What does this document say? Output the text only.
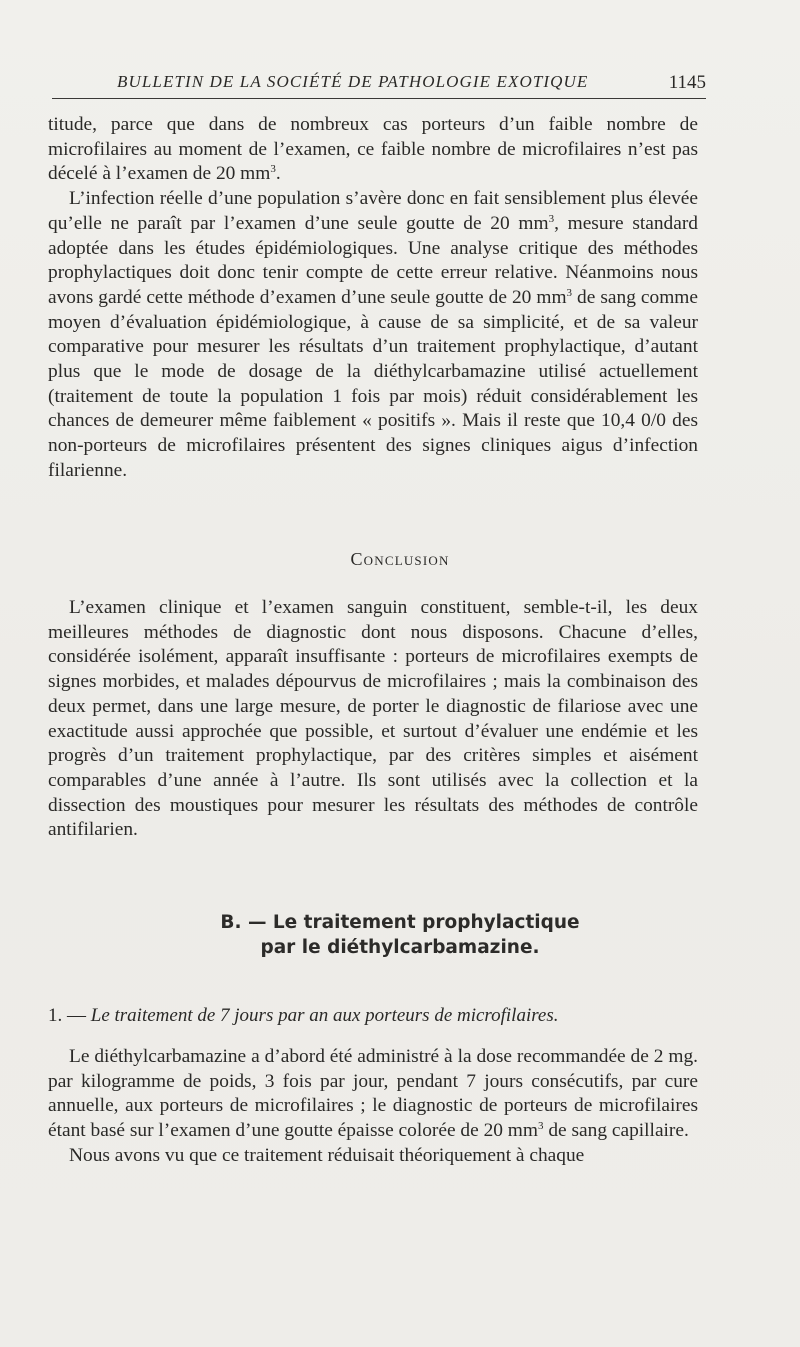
BULLETIN DE LA SOCIÉTÉ DE PATHOLOGIE EXOTIQUE	1145

titude, parce que dans de nombreux cas porteurs d’un faible nombre de microfilaires au moment de l’examen, ce faible nombre de microfilaires n’est pas décelé à l’examen de 20 $mm^3$.

L’infection réelle d’une population s’avère donc en fait sensiblement plus élevée qu’elle ne paraît par l’examen d’une seule goutte de 20 $mm^3$, mesure standard adoptée dans les études épidémiologiques. Une analyse critique des méthodes prophylactiques doit donc tenir compte de cette erreur relative. Néanmoins nous avons gardé cette méthode d’examen d’une seule goutte de 20 $mm^3$ de sang comme moyen d’évaluation épidémiologique, à cause de sa simplicité, et de sa valeur comparative pour mesurer les résultats d’un traitement prophylactique, d’autant plus que le mode de dosage de la diéthylcarbamazine utilisé actuellement (traitement de toute la population 1 fois par mois) réduit considérablement les chances de demeurer même faiblement « positifs ». Mais il reste que 10,4 0/0 des non-porteurs de microfilaires présentent des signes cliniques aigus d’infection filarienne.

Conclusion

L’examen clinique et l’examen sanguin constituent, semble-t-il, les deux meilleures méthodes de diagnostic dont nous disposons. Chacune d’elles, considérée isolément, apparaît insuffisante : porteurs de microfilaires exempts de signes morbides, et malades dépourvus de microfilaires ; mais la combinaison des deux permet, dans une large mesure, de porter le diagnostic de filariose avec une exactitude aussi approchée que possible, et surtout d’évaluer une endémie et les progrès d’un traitement prophylactique, par des critères simples et aisément comparables d’une année à l’autre. Ils sont utilisés avec la collection et la dissection des moustiques pour mesurer les résultats des méthodes de contrôle antifilarien.

B. — Le traitement prophylactique
par le diéthylcarbamazine.
1. — Le traitement de 7 jours par an aux porteurs de microfilaires.

Le diéthylcarbamazine a d’abord été administré à la dose recommandée de 2 mg. par kilogramme de poids, 3 fois par jour, pendant 7 jours consécutifs, par cure annuelle, aux porteurs de microfilaires ; le diagnostic de porteurs de microfilaires étant basé sur l’examen d’une goutte épaisse colorée de 20 $mm^3$ de sang capillaire.

Nous avons vu que ce traitement réduisait théoriquement à chaque
